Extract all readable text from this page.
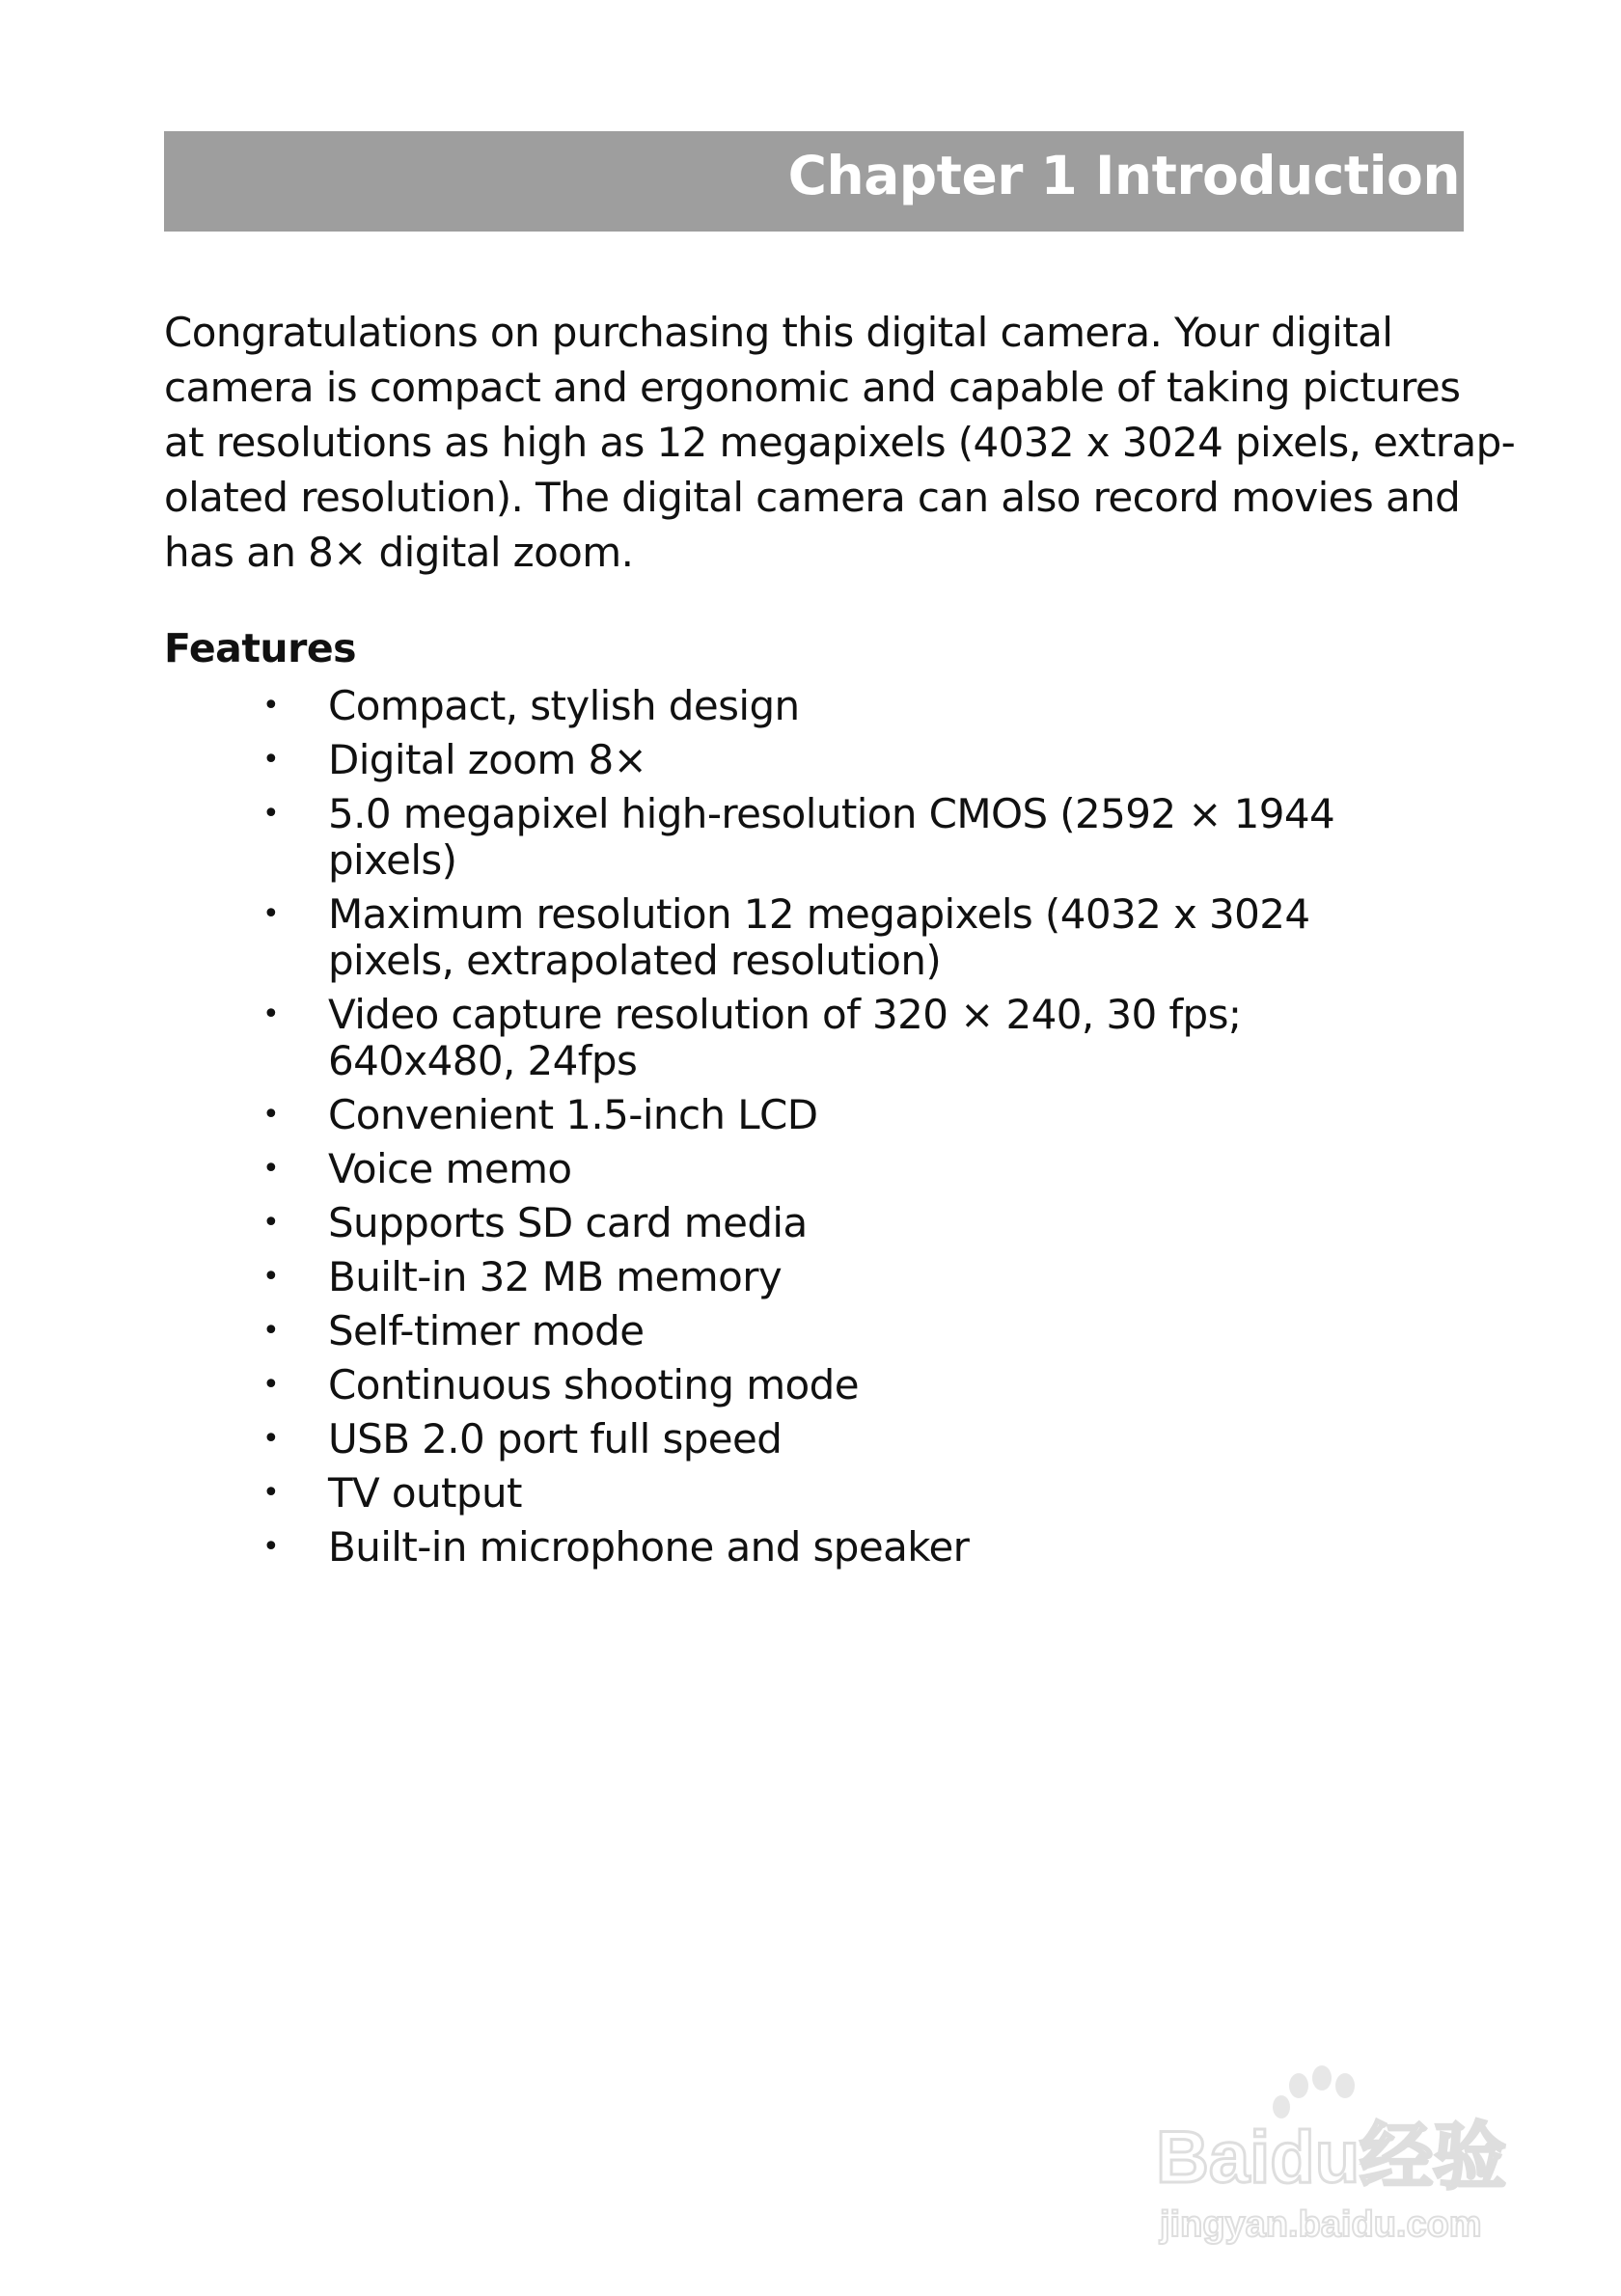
Chapter 1 Introduction
Congratulations on purchasing this digital camera. Your digital
camera is compact and ergonomic and capable of taking pictures
at resolutions as high as 12 megapixels (4032 x 3024 pixels, extrap-
olated resolution). The digital camera can also record movies and
has an 8× digital zoom.
Features
• Compact, stylish design
• Digital zoom 8×
• 5.0 megapixel high-resolution CMOS (2592 × 1944
pixels)
• Maximum resolution 12 megapixels (4032 x 3024
pixels, extrapolated resolution)
• Video capture resolution of 320 × 240, 30 fps;
640x480, 24fps
• Convenient 1.5-inch LCD
• Voice memo
• Supports SD card media
• Built-in 32 MB memory
• Self-timer mode
• Continuous shooting mode
• USB 2.0 port full speed
• TV output
• Built-in microphone and speaker
Baidu经验
jingyan.baidu.com
